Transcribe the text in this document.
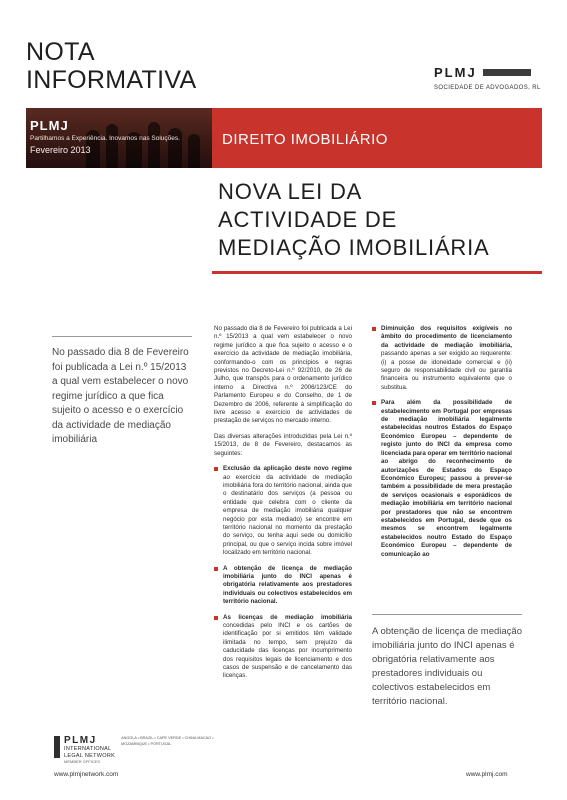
NOTA
INFORMATIVA	PLMJ
SOCIEDADE DE ADVOGADOS, RL
PLMJ
Partilhamos a Experiência. Inovamos nas Soluções.
Fevereiro 2013
DIREITO IMOBILIÁRIO
NOVA LEI DA
ACTIVIDADE DE
MEDIAÇÃO IMOBILIÁRIA
No passado dia 8 de Fevereiro foi publicada a Lei n.º 15/2013 a qual vem estabelecer o novo regime jurídico a que fica sujeito o acesso e o exercício da actividade de mediação imobiliária
A obtenção de licença de mediação imobiliária junto do INCI apenas é obrigatória relativamente aos prestadores individuais ou colectivos estabelecidos em território nacional.

No passado dia 8 de Fevereiro foi publicada a Lei n.º 15/2013 a qual vem estabelecer o novo regime jurídico a que fica sujeito o acesso e o exercício da actividade de mediação imobiliária, conformando-o com os princípios e regras previstos no Decreto-Lei n.º 92/2010, de 26 de Julho, que transpôs para o ordenamento jurídico interno a Directiva n.º 2006/123/CE do Parlamento Europeu e do Conselho, de 1 de Dezembro de 2006, referente à simplificação do livre acesso e exercício de actividades de prestação de serviços no mercado interno.

Das diversas alterações introduzidas pela Lei n.º 15/2013, de 8 de Fevereiro, destacamos as seguintes:

Exclusão da aplicação deste novo regime ao exercício da actividade de mediação imobiliária fora do território nacional, ainda que o destinatário dos serviços (a pessoa ou entidade que celebra com o cliente da empresa de mediação imobiliária qualquer negócio por esta mediado) se encontre em território nacional no momento da prestação do serviço, ou tenha aqui sede ou domicílio principal, ou que o serviço incida sobre imóvel localizado em território nacional.

A obtenção de licença de mediação imobiliária junto do INCI apenas é obrigatória relativamente aos prestadores individuais ou colectivos estabelecidos em território nacional.

As licenças de mediação imobiliária concedidas pelo INCI e os cartões de identificação por si emitidos têm validade ilimitada no tempo, sem prejuízo da caducidade das licenças por incumprimento dos requisitos legais de licenciamento e dos casos de suspensão e de cancelamento das licenças.

Diminuição dos requisitos exigíveis no âmbito do procedimento de licenciamento da actividade de mediação imobiliária, passando apenas a ser exigido ao requerente: (i) a posse de idoneidade comercial e (ii) seguro de responsabilidade civil ou garantia financeira ou instrumento equivalente que o substitua.

Para além da possibilidade de estabelecimento em Portugal por empresas de mediação imobiliária legalmente estabelecidas noutros Estados do Espaço Económico Europeu – dependente de registo junto do INCI da empresa como licenciada para operar em território nacional ao abrigo do reconhecimento de autorizações de Estados do Espaço Económico Europeu; passou a prever-se também a possibilidade de mera prestação de serviços ocasionais e esporádicos de mediação imobiliária em território nacional por prestadores que não se encontrem estabelecidos em Portugal, desde que os mesmos se encontrem legalmente estabelecidos noutro Estado do Espaço Económico Europeu – dependente de comunicação ao

PLMJ
INTERNATIONAL
LEGAL NETWORK
MEMBER OFFICES
ANGOLA • BRAZIL • CAPE VERDE • CHINA MACAO • MOZAMBIQUE • PORTUGAL
www.plmjnetwork.com	www.plmj.com
